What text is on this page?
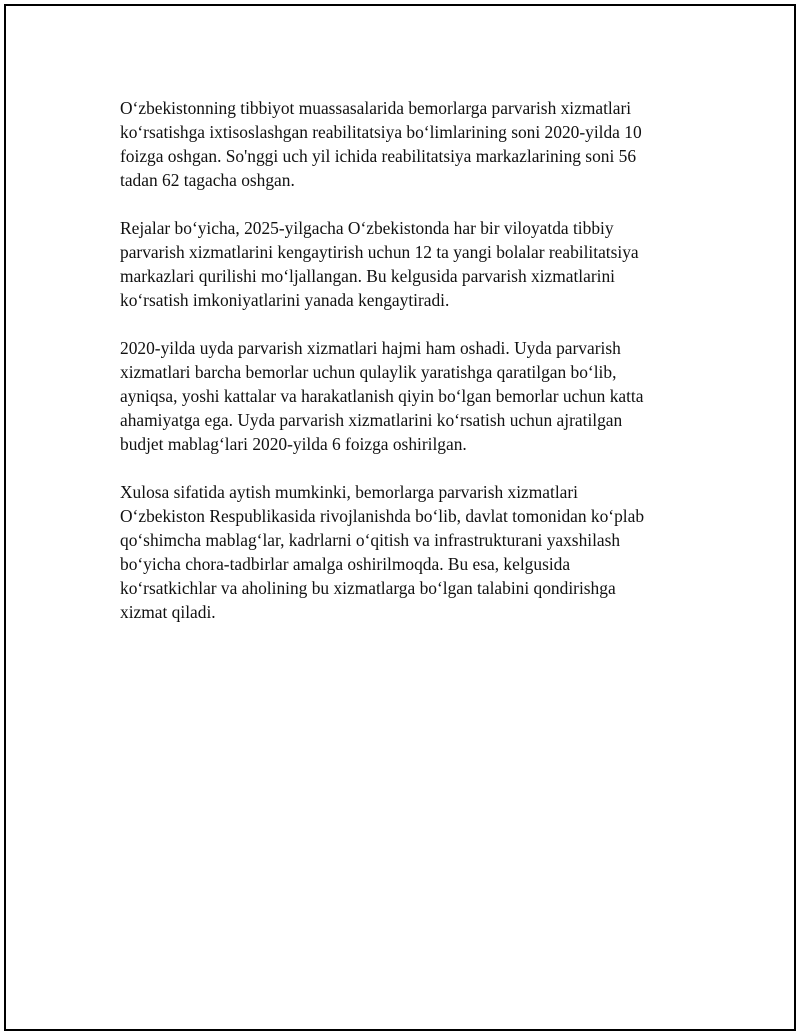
O‘zbekistonning tibbiyot muassasalarida bemorlarga parvarish xizmatlari
ko‘rsatishga ixtisoslashgan reabilitatsiya bo‘limlarining soni 2020-yilda 10
foizga oshgan. So'nggi uch yil ichida reabilitatsiya markazlarining soni 56
tadan 62 tagacha oshgan.

Rejalar bo‘yicha, 2025-yilgacha O‘zbekistonda har bir viloyatda tibbiy
parvarish xizmatlarini kengaytirish uchun 12 ta yangi bolalar reabilitatsiya
markazlari qurilishi mo‘ljallangan. Bu kelgusida parvarish xizmatlarini
ko‘rsatish imkoniyatlarini yanada kengaytiradi.

2020-yilda uyda parvarish xizmatlari hajmi ham oshadi. Uyda parvarish
xizmatlari barcha bemorlar uchun qulaylik yaratishga qaratilgan bo‘lib,
ayniqsa, yoshi kattalar va harakatlanish qiyin bo‘lgan bemorlar uchun katta
ahamiyatga ega. Uyda parvarish xizmatlarini ko‘rsatish uchun ajratilgan
budjet mablag‘lari 2020-yilda 6 foizga oshirilgan.

Xulosa sifatida aytish mumkinki, bemorlarga parvarish xizmatlari
O‘zbekiston Respublikasida rivojlanishda bo‘lib, davlat tomonidan ko‘plab
qo‘shimcha mablag‘lar, kadrlarni o‘qitish va infrastrukturani yaxshilash
bo‘yicha chora-tadbirlar amalga oshirilmoqda. Bu esa, kelgusida
ko‘rsatkichlar va aholining bu xizmatlarga bo‘lgan talabini qondirishga
xizmat qiladi.
